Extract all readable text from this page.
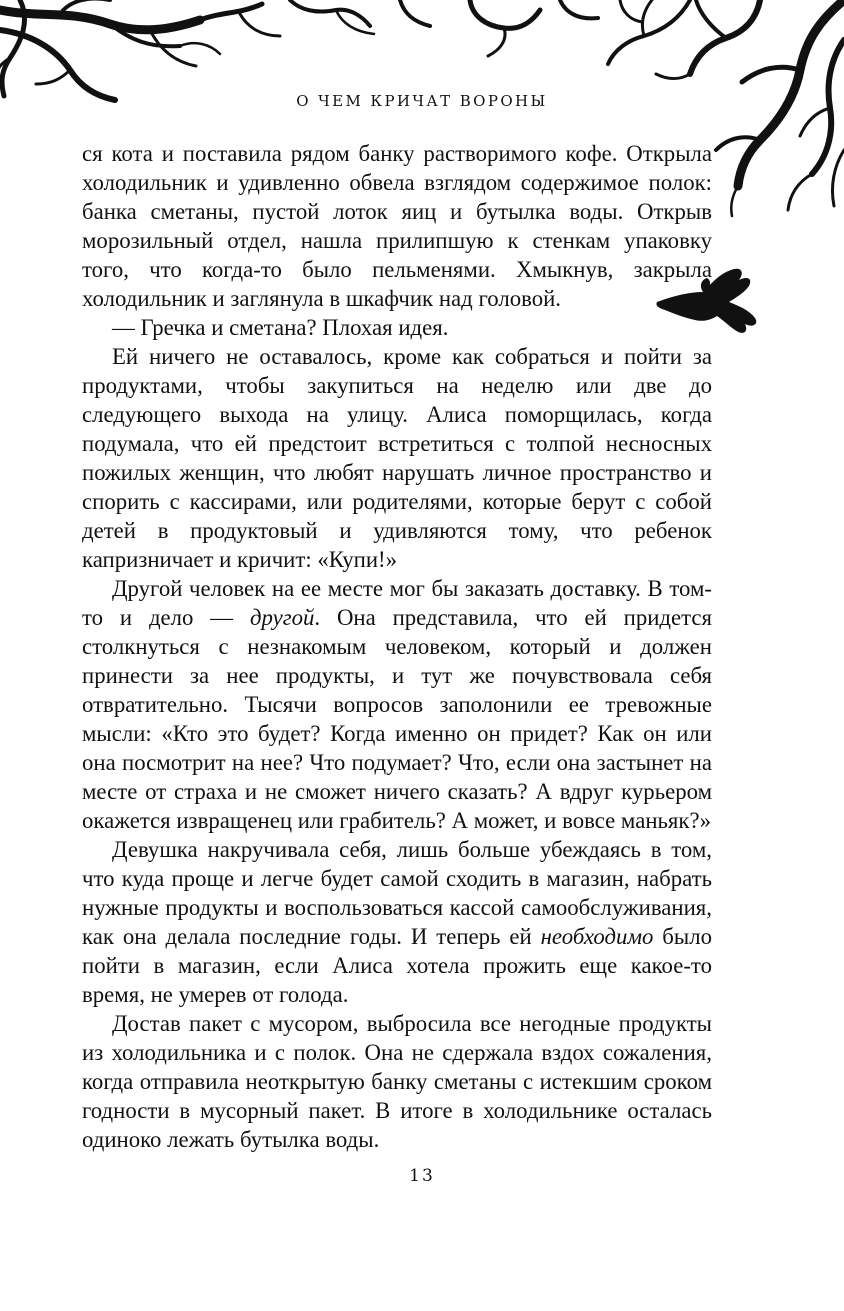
О ЧЕМ КРИЧАТ ВОРОНЫ

ся кота и поставила рядом банку растворимого кофе. Открыла холодильник и удивленно обвела взглядом содержимое полок: банка сметаны, пустой лоток яиц и бутылка воды. Открыв морозильный отдел, нашла прилипшую к стенкам упаковку того, что когда-то было пельменями. Хмыкнув, закрыла холодильник и заглянула в шкафчик над головой.

— Гречка и сметана? Плохая идея.

Ей ничего не оставалось, кроме как собраться и пойти за продуктами, чтобы закупиться на неделю или две до следующего выхода на улицу. Алиса поморщилась, когда подумала, что ей предстоит встретиться с толпой несносных пожилых женщин, что любят нарушать личное пространство и спорить с кассирами, или родителями, которые берут с собой детей в продуктовый и удивляются тому, что ребенок капризничает и кричит: «Купи!»

Другой человек на ее месте мог бы заказать доставку. В том-то и дело — другой. Она представила, что ей придется столкнуться с незнакомым человеком, который и должен принести за нее продукты, и тут же почувствовала себя отвратительно. Тысячи вопросов заполонили ее тревожные мысли: «Кто это будет? Когда именно он придет? Как он или она посмотрит на нее? Что подумает? Что, если она застынет на месте от страха и не сможет ничего сказать? А вдруг курьером окажется извращенец или грабитель? А может, и вовсе маньяк?»

Девушка накручивала себя, лишь больше убеждаясь в том, что куда проще и легче будет самой сходить в магазин, набрать нужные продукты и воспользоваться кассой самообслуживания, как она делала последние годы. И теперь ей необходимо было пойти в магазин, если Алиса хотела прожить еще какое-то время, не умерев от голода.

Достав пакет с мусором, выбросила все негодные продукты из холодильника и с полок. Она не сдержала вздох сожаления, когда отправила неоткрытую банку сметаны с истекшим сроком годности в мусорный пакет. В итоге в холодильнике осталась одиноко лежать бутылка воды.

13
